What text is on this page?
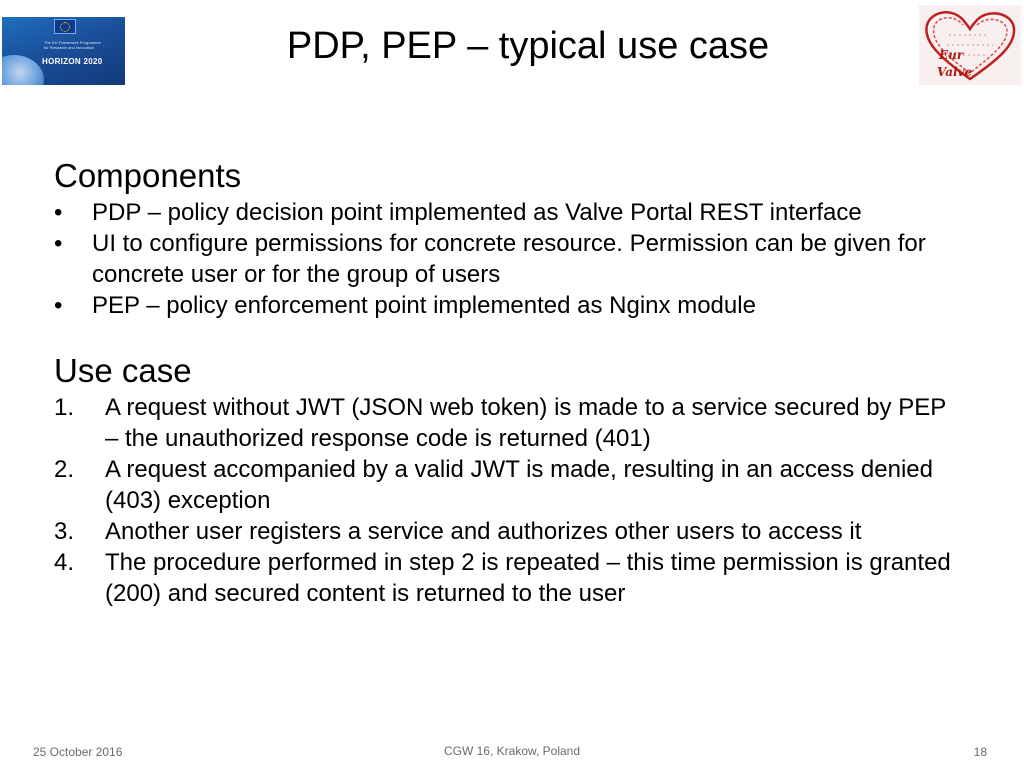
The EU Framework Programme for Research and Innovation
HORIZON 2020	PDP, PEP – typical use case	Eur
Valve
Components
• PDP – policy decision point implemented as Valve Portal REST interface
• UI to configure permissions for concrete resource. Permission can be given for concrete user or for the group of users
• PEP – policy enforcement point implemented as Nginx module
Use case
1. A request without JWT (JSON web token) is made to a service secured by PEP – the unauthorized response code is returned (401)
2. A request accompanied by a valid JWT is made, resulting in an access denied (403) exception
3. Another user registers a service and authorizes other users to access it
4. The procedure performed in step 2 is repeated – this time permission is granted (200) and secured content is returned to the user
25 October 2016	CGW 16, Krakow, Poland	18
